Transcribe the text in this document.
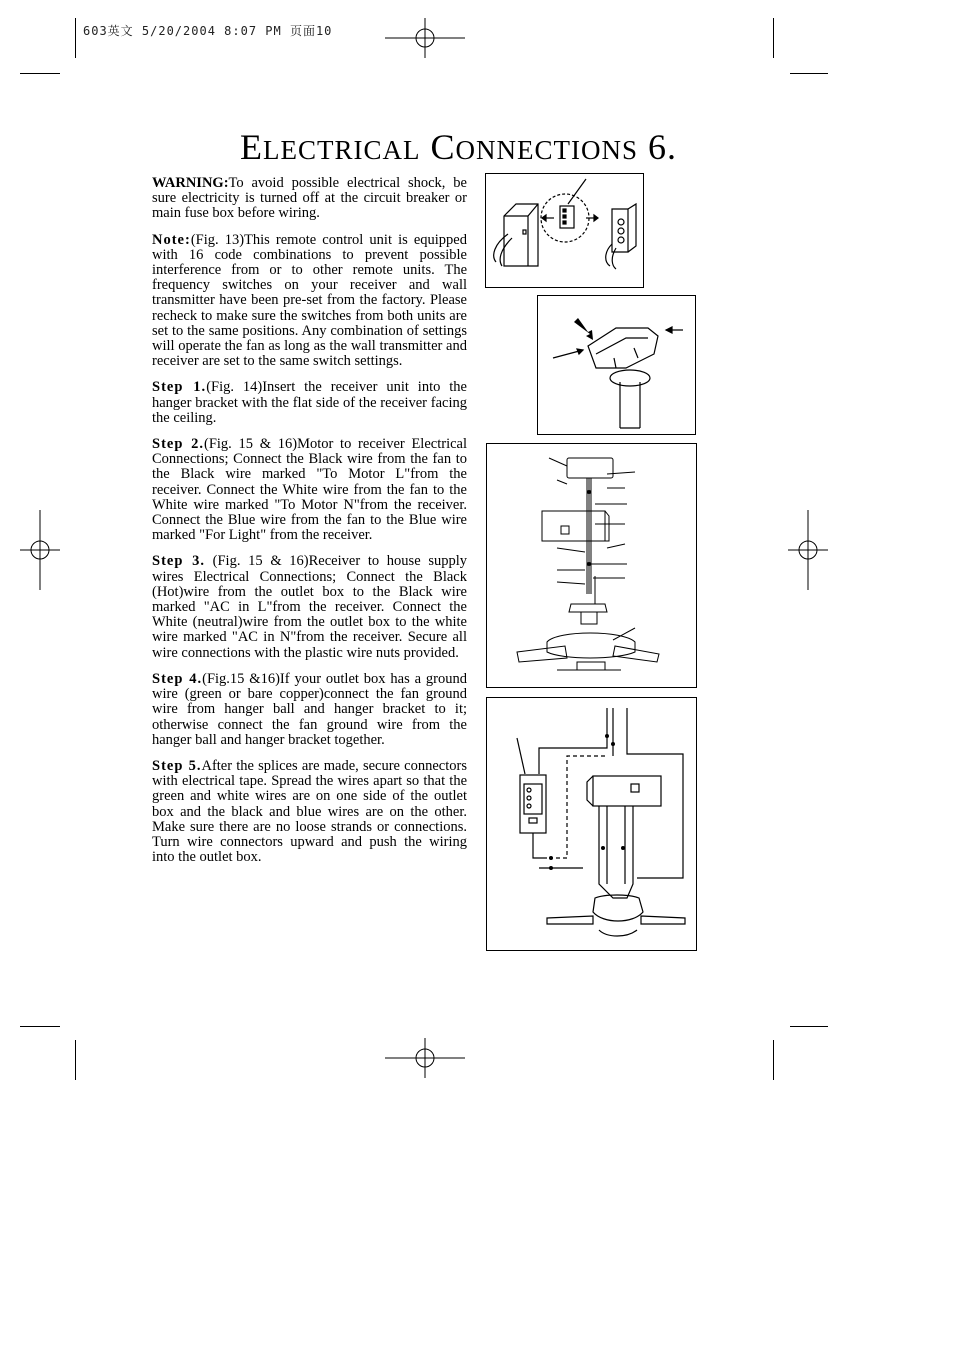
603英文 5/20/2004 8:07 PM 页面10
ELECTRICAL CONNECTIONS 6.

WARNING:To avoid possible electrical shock, be sure electricity is turned off at the circuit breaker or main fuse box before wiring.

Note:(Fig. 13)This remote control unit is equipped with 16 code combinations to prevent possible interference from or to other remote units. The frequency switches on your receiver and wall transmitter have been pre-set from the factory. Please recheck to make sure the switches from both units are set to the same positions. Any combination of settings will operate the fan as long as the wall transmitter and receiver are set to the same switch settings.

Step 1.(Fig. 14)Insert the receiver unit into the hanger bracket with the flat side of the receiver facing the ceiling.

Step 2.(Fig. 15 & 16)Motor to receiver Electrical Connections; Connect the Black wire from the fan to the Black wire marked "To Motor L"from the receiver. Connect the White wire from the fan to the White wire marked "To Motor N"from the receiver. Connect the Blue wire from the fan to the Blue wire marked "For Light" from the receiver.

Step 3. (Fig. 15 & 16)Receiver to house supply wires Electrical Connections; Connect the Black (Hot)wire from the outlet box to the Black wire marked "AC in L"from the receiver. Connect the White (neutral)wire from the outlet box to the white wire marked "AC in N"from the receiver. Secure all wire connections with the plastic wire nuts provided.

Step 4.(Fig.15 &16)If your outlet box has a ground wire (green or bare copper)connect the fan ground wire from hanger ball and hanger bracket to it; otherwise connect the fan ground wire from the hanger ball and hanger bracket together.

Step 5.After the splices are made, secure connectors with electrical tape. Spread the wires apart so that the green and white wires are on one side of the outlet box and the black and blue wires are on the other. Make sure there are no loose strands or connections. Turn wire connectors upward and push the wiring into the outlet box.
